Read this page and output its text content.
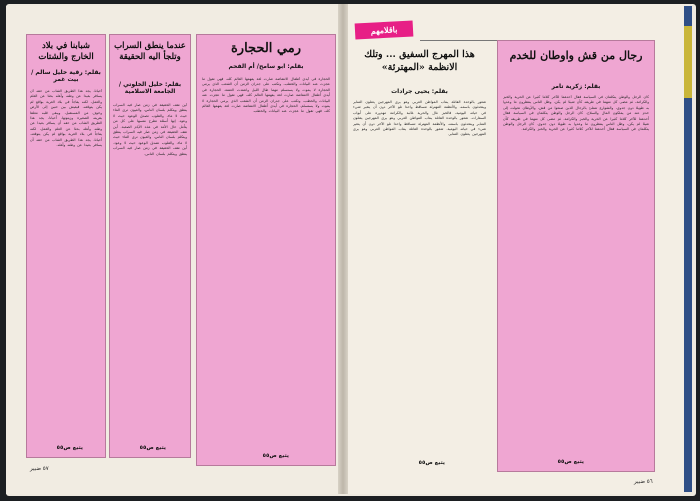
باقلامهم
رجال من قش واوطان للخدم
بقلم: زكرية تامر
كان الرجل والوطن يتكلمان في السياسة فقال أحدهما للآخر كلاما كثيرا عن الحرية والخبز والكرامة، ثم مضى كل منهما في طريقه كأن شيئا لم يكن، وظل الناس ينتظرون ما وعدوا به طويلا دون جدوى، والشوارع تمتلئ بالرجال الذين صنعوا من قش، والأوطان تحولت إلى خدم عند من يملكون المال والسلاح. كان الرجل والوطن يتكلمان في السياسة فقال أحدهما للآخر كلاما كثيرا عن الحرية والخبز والكرامة، ثم مضى كل منهما في طريقه كأن شيئا لم يكن، وظل الناس ينتظرون ما وعدوا به طويلا دون جدوى. كان الرجل والوطن يتكلمان في السياسة فقال أحدهما للآخر كلاما كثيرا عن الحرية والخبز والكرامة.
يتبع ص٥٥
هذا المهرج السفيق ... وتلك الانظمة «المهترئة»
بقلم: يحيى جرادات
شعور بالوحدة القاتلة ينتاب المواطن العربي وهو يرى المهرجين يعتلون المنابر ويتحدثون باسمه، والأنظمة المهترئة تتساقط واحدا تلو الآخر دون أن يتغير شيء في حياته اليومية، فالخبز غال والحرية غائبة والكرامة مهدورة على أبواب السفارات. شعور بالوحدة القاتلة ينتاب المواطن العربي وهو يرى المهرجين يعتلون المنابر ويتحدثون باسمه، والأنظمة المهترئة تتساقط واحدا تلو الآخر دون أن يتغير شيء في حياته اليومية. شعور بالوحدة القاتلة ينتاب المواطن العربي وهو يرى المهرجين يعتلون المنابر.
يتبع ص٥٥
رمي الحجارة
بقلم: ابو سامح/ أم الفحم
الحجارة في أيدي أطفال الانتفاضة صارت لغة يفهمها العالم كله، فهي تقول ما عجزت عنه البيانات والخطب، وتكتب على جدران الزمن أن الشعب الذي يرمي الحجارة لا يموت ولا يستسلم مهما طال الليل واشتدت العتمة. الحجارة في أيدي أطفال الانتفاضة صارت لغة يفهمها العالم كله، فهي تقول ما عجزت عنه البيانات والخطب، وتكتب على جدران الزمن أن الشعب الذي يرمي الحجارة لا يموت ولا يستسلم. الحجارة في أيدي أطفال الانتفاضة صارت لغة يفهمها العالم كله، فهي تقول ما عجزت عنه البيانات والخطب.
يتبع ص٥٥
عندما ينطق السراب وتلجأ اليه الحقيقة
بقلم: خليل الخلوتي / الجامعة الاسلامية
أين تقف الحقيقة في زمن صار فيه السراب ينطق ويتكلم بلسان الناس، والعيون ترى الماء حيث لا ماء، والقلوب تصدق الوعود حيث لا وعود. إنها أسئلة تطرح نفسها على كل من يتأمل حال الأمة في هذه الأيام الصعبة. أين تقف الحقيقة في زمن صار فيه السراب ينطق ويتكلم بلسان الناس، والعيون ترى الماء حيث لا ماء، والقلوب تصدق الوعود حيث لا وعود. أين تقف الحقيقة في زمن صار فيه السراب ينطق ويتكلم بلسان الناس.
يتبع ص٥٥
شبابنا في بلاد الخارج والشتات
بقلم: رقية خليل سالم / بيت غمر
أحيانا، يجد هذا الطريق الشاب من حقه أن يسافر بعيدا عن وطنه وأهله بحثا عن العلم والعمل، لكنه يفاجأ في بلاد الغربة بواقع لم يكن يتوقعه، فيعيش بين حنين إلى الأرض وخوف من المستقبل، ويبقى قلبه معلقا بقريته الصغيرة وزيتونها. أحيانا، يجد هذا الطريق الشاب من حقه أن يسافر بعيدا عن وطنه وأهله بحثا عن العلم والعمل، لكنه يفاجأ في بلاد الغربة بواقع لم يكن يتوقعه. أحيانا، يجد هذا الطريق الشاب من حقه أن يسافر بعيدا عن وطنه وأهله.
يتبع ص٥٥
٥٦ ضبير
٥٧ ضبير
